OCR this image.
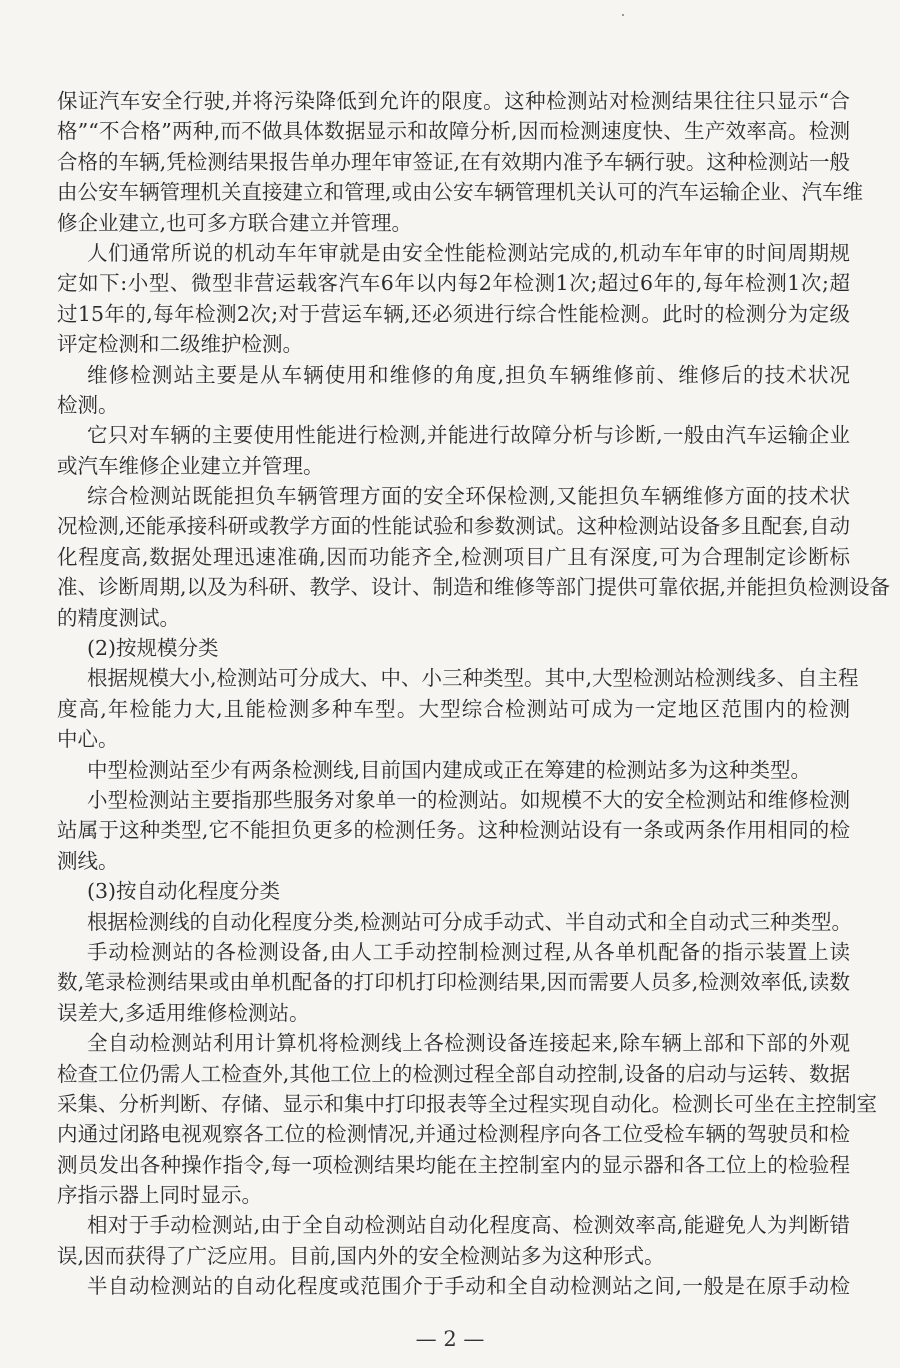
保证汽车安全行驶,并将污染降低到允许的限度。这种检测站对检测结果往往只显示“合
格”“不合格”两种,而不做具体数据显示和故障分析,因而检测速度快、生产效率高。检测
合格的车辆,凭检测结果报告单办理年审签证,在有效期内准予车辆行驶。这种检测站一般
由公安车辆管理机关直接建立和管理,或由公安车辆管理机关认可的汽车运输企业、汽车维
修企业建立,也可多方联合建立并管理。
人们通常所说的机动车年审就是由安全性能检测站完成的,机动车年审的时间周期规
定如下:小型、微型非营运载客汽车6年以内每2年检测1次;超过6年的,每年检测1次;超
过15年的,每年检测2次;对于营运车辆,还必须进行综合性能检测。此时的检测分为定级
评定检测和二级维护检测。
维修检测站主要是从车辆使用和维修的角度,担负车辆维修前、维修后的技术状况
检测。
它只对车辆的主要使用性能进行检测,并能进行故障分析与诊断,一般由汽车运输企业
或汽车维修企业建立并管理。
综合检测站既能担负车辆管理方面的安全环保检测,又能担负车辆维修方面的技术状
况检测,还能承接科研或教学方面的性能试验和参数测试。这种检测站设备多且配套,自动
化程度高,数据处理迅速准确,因而功能齐全,检测项目广且有深度,可为合理制定诊断标
准、诊断周期,以及为科研、教学、设计、制造和维修等部门提供可靠依据,并能担负检测设备
的精度测试。
(2)按规模分类
根据规模大小,检测站可分成大、中、小三种类型。其中,大型检测站检测线多、自主程
度高,年检能力大,且能检测多种车型。大型综合检测站可成为一定地区范围内的检测
中心。
中型检测站至少有两条检测线,目前国内建成或正在筹建的检测站多为这种类型。
小型检测站主要指那些服务对象单一的检测站。如规模不大的安全检测站和维修检测
站属于这种类型,它不能担负更多的检测任务。这种检测站设有一条或两条作用相同的检
测线。
(3)按自动化程度分类
根据检测线的自动化程度分类,检测站可分成手动式、半自动式和全自动式三种类型。
手动检测站的各检测设备,由人工手动控制检测过程,从各单机配备的指示装置上读
数,笔录检测结果或由单机配备的打印机打印检测结果,因而需要人员多,检测效率低,读数
误差大,多适用维修检测站。
全自动检测站利用计算机将检测线上各检测设备连接起来,除车辆上部和下部的外观
检查工位仍需人工检查外,其他工位上的检测过程全部自动控制,设备的启动与运转、数据
采集、分析判断、存储、显示和集中打印报表等全过程实现自动化。检测长可坐在主控制室
内通过闭路电视观察各工位的检测情况,并通过检测程序向各工位受检车辆的驾驶员和检
测员发出各种操作指令,每一项检测结果均能在主控制室内的显示器和各工位上的检验程
序指示器上同时显示。
相对于手动检测站,由于全自动检测站自动化程度高、检测效率高,能避免人为判断错
误,因而获得了广泛应用。目前,国内外的安全检测站多为这种形式。
半自动检测站的自动化程度或范围介于手动和全自动检测站之间,一般是在原手动检
— 2 —
